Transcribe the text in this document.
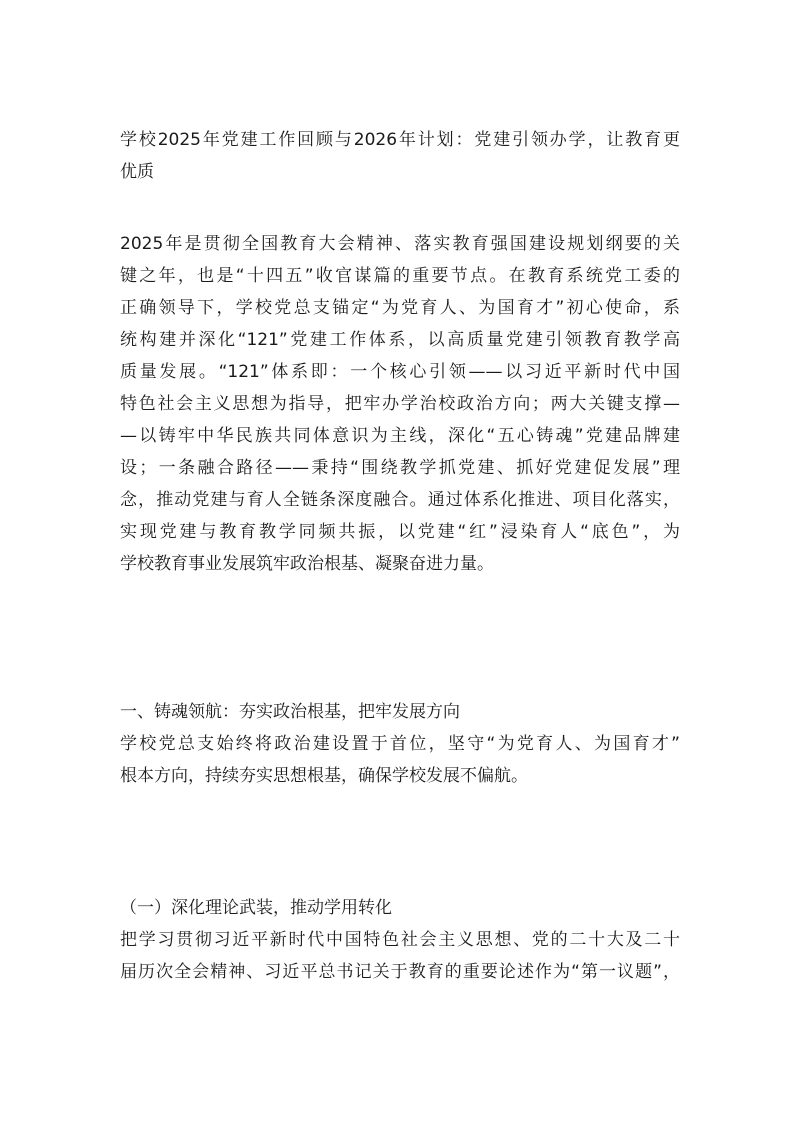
学校2025年党建工作回顾与2026年计划：党建引领办学，让教育更
优质
2025年是贯彻全国教育大会精神、落实教育强国建设规划纲要的关
键之年，也是“十四五”收官谋篇的重要节点。在教育系统党工委的
正确领导下，学校党总支锚定“为党育人、为国育才”初心使命，系
统构建并深化“121”党建工作体系，以高质量党建引领教育教学高
质量发展。“121”体系即：一个核心引领——以习近平新时代中国
特色社会主义思想为指导，把牢办学治校政治方向；两大关键支撑—
—以铸牢中华民族共同体意识为主线，深化“五心铸魂”党建品牌建
设；一条融合路径——秉持“围绕教学抓党建、抓好党建促发展”理
念，推动党建与育人全链条深度融合。通过体系化推进、项目化落实，
实现党建与教育教学同频共振，以党建“红”浸染育人“底色”，为
学校教育事业发展筑牢政治根基、凝聚奋进力量。
一、铸魂领航：夯实政治根基，把牢发展方向
学校党总支始终将政治建设置于首位，坚守“为党育人、为国育才”
根本方向，持续夯实思想根基，确保学校发展不偏航。
（一）深化理论武装，推动学用转化
把学习贯彻习近平新时代中国特色社会主义思想、党的二十大及二十
届历次全会精神、习近平总书记关于教育的重要论述作为“第一议题”，
